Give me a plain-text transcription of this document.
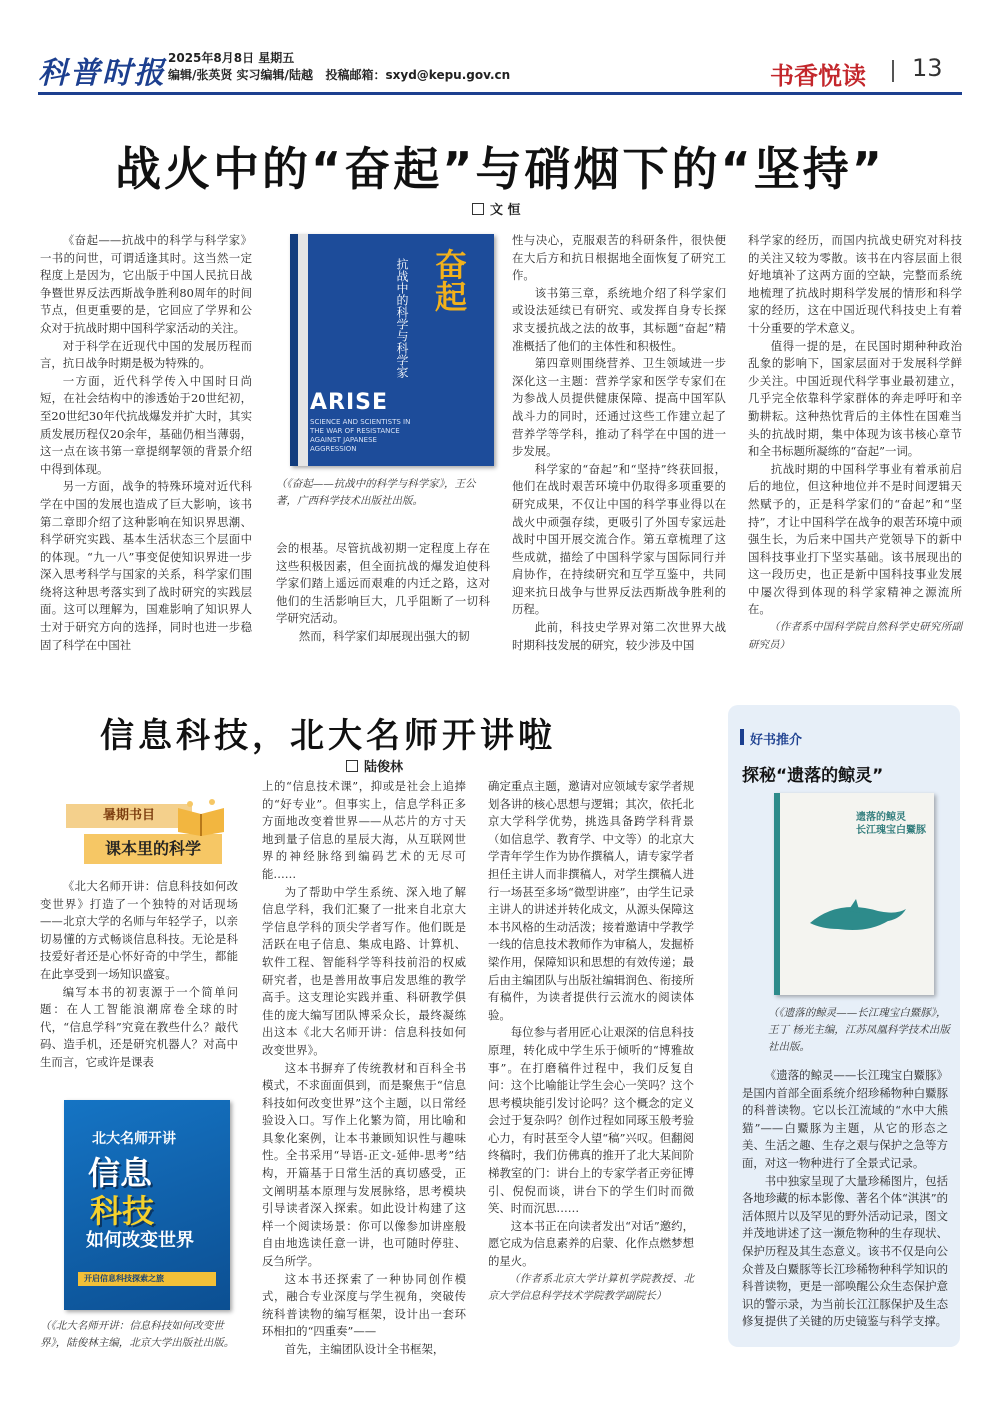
科普时报 2025年8月8日 星期五
编辑/张英贤 实习编辑/陆越 投稿邮箱：sxyd@kepu.gov.cn	书香悦读 13
战火中的“奋起”与硝烟下的“坚持”
文 恒

《奋起——抗战中的科学与科学家》一书的问世，可谓适逢其时。这当然一定程度上是因为，它出版于中国人民抗日战争暨世界反法西斯战争胜利80周年的时间节点，但更重要的是，它回应了学界和公众对于抗战时期中国科学家活动的关注。

对于科学在近现代中国的发展历程而言，抗日战争时期是极为特殊的。

一方面，近代科学传入中国时日尚短，在社会结构中的渗透始于20世纪初，至20世纪30年代抗战爆发并扩大时，其实质发展历程仅20余年，基础仍相当薄弱，这一点在该书第一章提纲挈领的背景介绍中得到体现。

另一方面，战争的特殊环境对近代科学在中国的发展也造成了巨大影响，该书第二章即介绍了这种影响在知识界思潮、科学研究实践、基本生活状态三个层面中的体现。“九一八”事变促使知识界进一步深入思考科学与国家的关系，科学家们围绕将这种思考落实到了战时研究的实践层面。这可以理解为，国难影响了知识界人士对于研究方向的选择，同时也进一步稳固了科学在中国社

奋起
抗战中的科学与科学家
ARISE
SCIENCE AND SCIENTISTS IN THE WAR OF RESISTANCE AGAINST JAPANESE AGGRESSION
（《奋起——抗战中的科学与科学家》，王公著，广西科学技术出版社出版。

会的根基。尽管抗战初期一定程度上存在这些积极因素，但全面抗战的爆发迫使科学家们踏上遥远而艰难的内迁之路，这对他们的生活影响巨大，几乎阻断了一切科学研究活动。

然而，科学家们却展现出强大的韧

性与决心，克服艰苦的科研条件，很快便在大后方和抗日根据地全面恢复了研究工作。

该书第三章，系统地介绍了科学家们或设法延续已有研究、或发挥自身专长探求支援抗战之法的故事，其标题“奋起”精准概括了他们的主体性和积极性。

第四章则围绕营养、卫生领域进一步深化这一主题：营养学家和医学专家们在为参战人员提供健康保障、提高中国军队战斗力的同时，还通过这些工作建立起了营养学等学科，推动了科学在中国的进一步发展。

科学家的“奋起”和“坚持”终获回报，他们在战时艰苦环境中仍取得多项重要的研究成果，不仅让中国的科学事业得以在战火中顽强存续，更吸引了外国专家远赴战时中国开展交流合作。第五章梳理了这些成就，描绘了中国科学家与国际同行并肩协作，在持续研究和互学互鉴中，共同迎来抗日战争与世界反法西斯战争胜利的历程。

此前，科技史学界对第二次世界大战时期科技发展的研究，较少涉及中国

科学家的经历，而国内抗战史研究对科技的关注又较为零散。该书在内容层面上很好地填补了这两方面的空缺，完整而系统地梳理了抗战时期科学发展的情形和科学家的经历，这在中国近现代科技史上有着十分重要的学术意义。

值得一提的是，在民国时期种种政治乱象的影响下，国家层面对于发展科学鲜少关注。中国近现代科学事业最初建立，几乎完全依靠科学家群体的奔走呼吁和辛勤耕耘。这种热忱背后的主体性在国难当头的抗战时期，集中体现为该书核心章节和全书标题所凝练的“奋起”一词。

抗战时期的中国科学事业有着承前启后的地位，但这种地位并不是时间逻辑天然赋予的，正是科学家们的“奋起”和“坚持”，才让中国科学在战争的艰苦环境中顽强生长，为后来中国共产党领导下的新中国科技事业打下坚实基础。该书展现出的这一段历史，也正是新中国科技事业发展中屡次得到体现的科学家精神之源流所在。

（作者系中国科学院自然科学史研究所副研究员）

信息科技，北大名师开讲啦
陆俊林
暑期书目
课本里的科学

《北大名师开讲：信息科技如何改变世界》打造了一个独特的对话现场——北京大学的名师与年轻学子，以亲切易懂的方式畅谈信息科技。无论是科技爱好者还是心怀好奇的中学生，都能在此享受到一场知识盛宴。

编写本书的初衷源于一个简单问题：在人工智能浪潮席卷全球的时代，“信息学科”究竟在教些什么？敲代码、造手机，还是研究机器人？对高中生而言，它或许是课表

北大名师开讲
信息
科技
如何改变世界
开启信息科技探索之旅
（《北大名师开讲：信息科技如何改变世界》，陆俊林主编，北京大学出版社出版。

上的“信息技术课”，抑或是社会上追捧的“好专业”。但事实上，信息学科正多方面地改变着世界——从芯片的方寸天地到量子信息的星辰大海，从互联网世界的神经脉络到编码艺术的无尽可能……

为了帮助中学生系统、深入地了解信息学科，我们汇聚了一批来自北京大学信息学科的顶尖学者写作。他们既是活跃在电子信息、集成电路、计算机、软件工程、智能科学等科技前沿的权威研究者，也是善用故事启发思维的教学高手。这支理论实践并重、科研教学俱佳的庞大编写团队博采众长，最终凝练出这本《北大名师开讲：信息科技如何改变世界》。

这本书摒弃了传统教材和百科全书模式，不求面面俱到，而是聚焦于“信息科技如何改变世界”这个主题，以日常经验设入口。写作上化繁为简，用比喻和具象化案例，让本书兼顾知识性与趣味性。全书采用“导语-正文-延伸-思考”结构，开篇基于日常生活的真切感受，正文阐明基本原理与发展脉络，思考模块引导读者深入探索。如此设计构建了这样一个阅读场景：你可以像参加讲座般自由地选读任意一讲，也可随时停驻、反刍所学。

这本书还探索了一种协同创作模式，融合专业深度与学生视角，突破传统科普读物的编写框架，设计出一套环环相扣的“四重奏”——

首先，主编团队设计全书框架，

确定重点主题，邀请对应领域专家学者规划各讲的核心思想与逻辑；其次，依托北京大学科学优势，挑选具备跨学科背景（如信息学、教育学、中文等）的北京大学青年学生作为协作撰稿人，请专家学者担任主讲人而非撰稿人，对学生撰稿人进行一场甚至多场“微型讲座”，由学生记录主讲人的讲述并转化成文，从源头保障这本书风格的生动活泼；接着邀请中学教学一线的信息技术教师作为审稿人，发掘桥梁作用，保障知识和思想的有效传递；最后由主编团队与出版社编辑润色、衔接所有稿件，为读者提供行云流水的阅读体验。

每位参与者用匠心让艰深的信息科技原理，转化成中学生乐于倾听的“博雅故事”。在打磨稿件过程中，我们反复自问：这个比喻能让学生会心一笑吗？这个思考模块能引发讨论吗？这个概念的定义会过于复杂吗？创作过程如同琢玉般考验心力，有时甚至令人望“稿”兴叹。但翻阅终稿时，我们仿佛真的推开了北大某间阶梯教室的门：讲台上的专家学者正旁征博引、倪倪而谈，讲台下的学生们时而微笑、时而沉思……

这本书正在向读者发出“对话”邀约，愿它成为信息素养的启蒙、化作点燃梦想的星火。

（作者系北京大学计算机学院教授、北京大学信息科学技术学院教学副院长）

好书推介
探秘“遗落的鲸灵”
遗落的鲸灵
长江瑰宝白鱀豚
（《遗落的鲸灵——长江瑰宝白鱀豚》，王丁 杨光主编，江苏凤凰科学技术出版社出版。

《遗落的鲸灵——长江瑰宝白鱀豚》是国内首部全面系统介绍珍稀物种白鱀豚的科普读物。它以长江流域的“水中大熊猫”——白鱀豚为主题，从它的形态之美、生活之趣、生存之艰与保护之急等方面，对这一物种进行了全景式记录。

书中独家呈现了大量珍稀图片，包括各地珍藏的标本影像、著名个体“淇淇”的活体照片以及罕见的野外活动记录，图文并茂地讲述了这一濒危物种的生存现状、保护历程及其生态意义。该书不仅是向公众普及白鱀豚等长江珍稀物种科学知识的科普读物，更是一部唤醒公众生态保护意识的警示录，为当前长江江豚保护及生态修复提供了关键的历史镜鉴与科学支撑。
